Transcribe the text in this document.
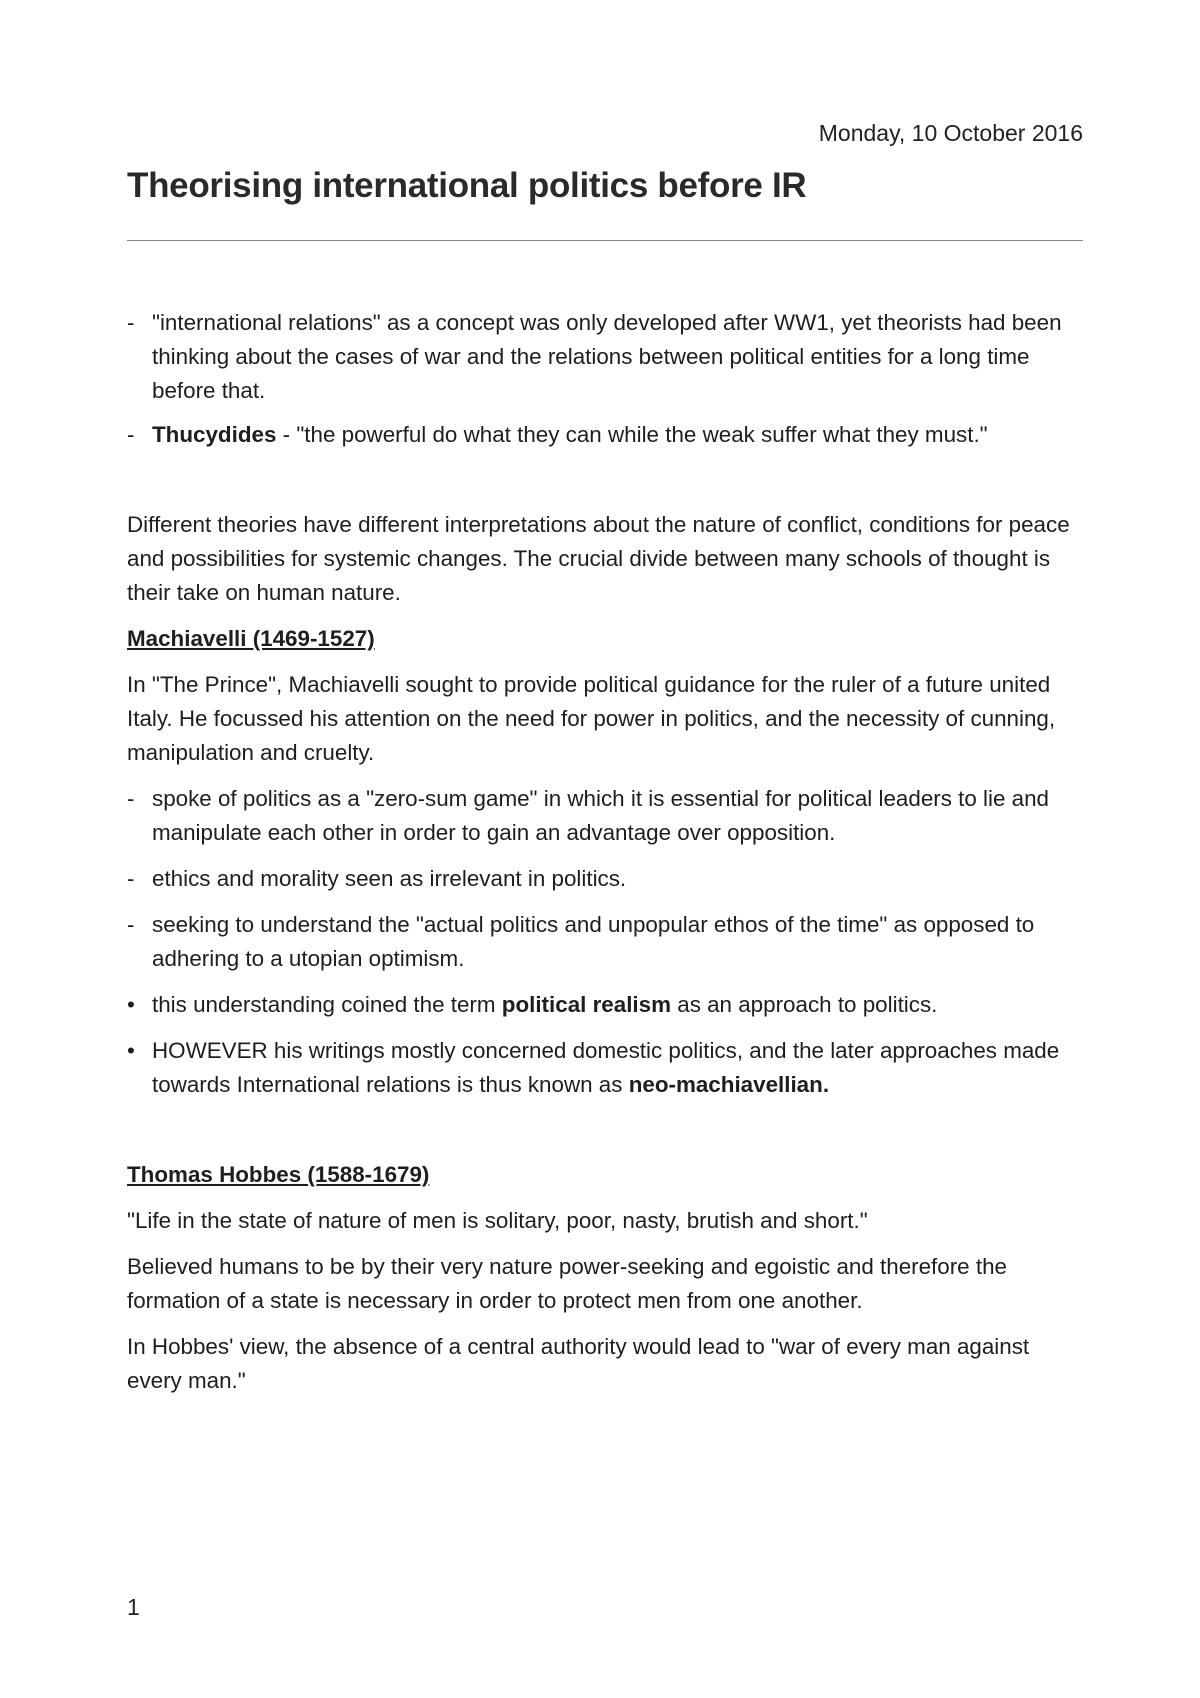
Monday, 10 October 2016
Theorising international politics before IR
- "international relations" as a concept was only developed after WW1, yet theorists had been thinking about the cases of war and the relations between political entities for a long time before that.
- Thucydides - "the powerful do what they can while the weak suffer what they must."

Different theories have different interpretations about the nature of conflict, conditions for peace and possibilities for systemic changes. The crucial divide between many schools of thought is their take on human nature.

Machiavelli (1469-1527)

In "The Prince", Machiavelli sought to provide political guidance for the ruler of a future united Italy. He focussed his attention on the need for power in politics, and the necessity of cunning, manipulation and cruelty.

- spoke of politics as a "zero-sum game" in which it is essential for political leaders to lie and manipulate each other in order to gain an advantage over opposition.
- ethics and morality seen as irrelevant in politics.
- seeking to understand the "actual politics and unpopular ethos of the time" as opposed to adhering to a utopian optimism.
• this understanding coined the term political realism as an approach to politics.
• HOWEVER his writings mostly concerned domestic politics, and the later approaches made towards International relations is thus known as neo-machiavellian.

Thomas Hobbes (1588-1679)

"Life in the state of nature of men is solitary, poor, nasty, brutish and short."

Believed humans to be by their very nature power-seeking and egoistic and therefore the formation of a state is necessary in order to protect men from one another.

In Hobbes' view, the absence of a central authority would lead to "war of every man against every man."

1
